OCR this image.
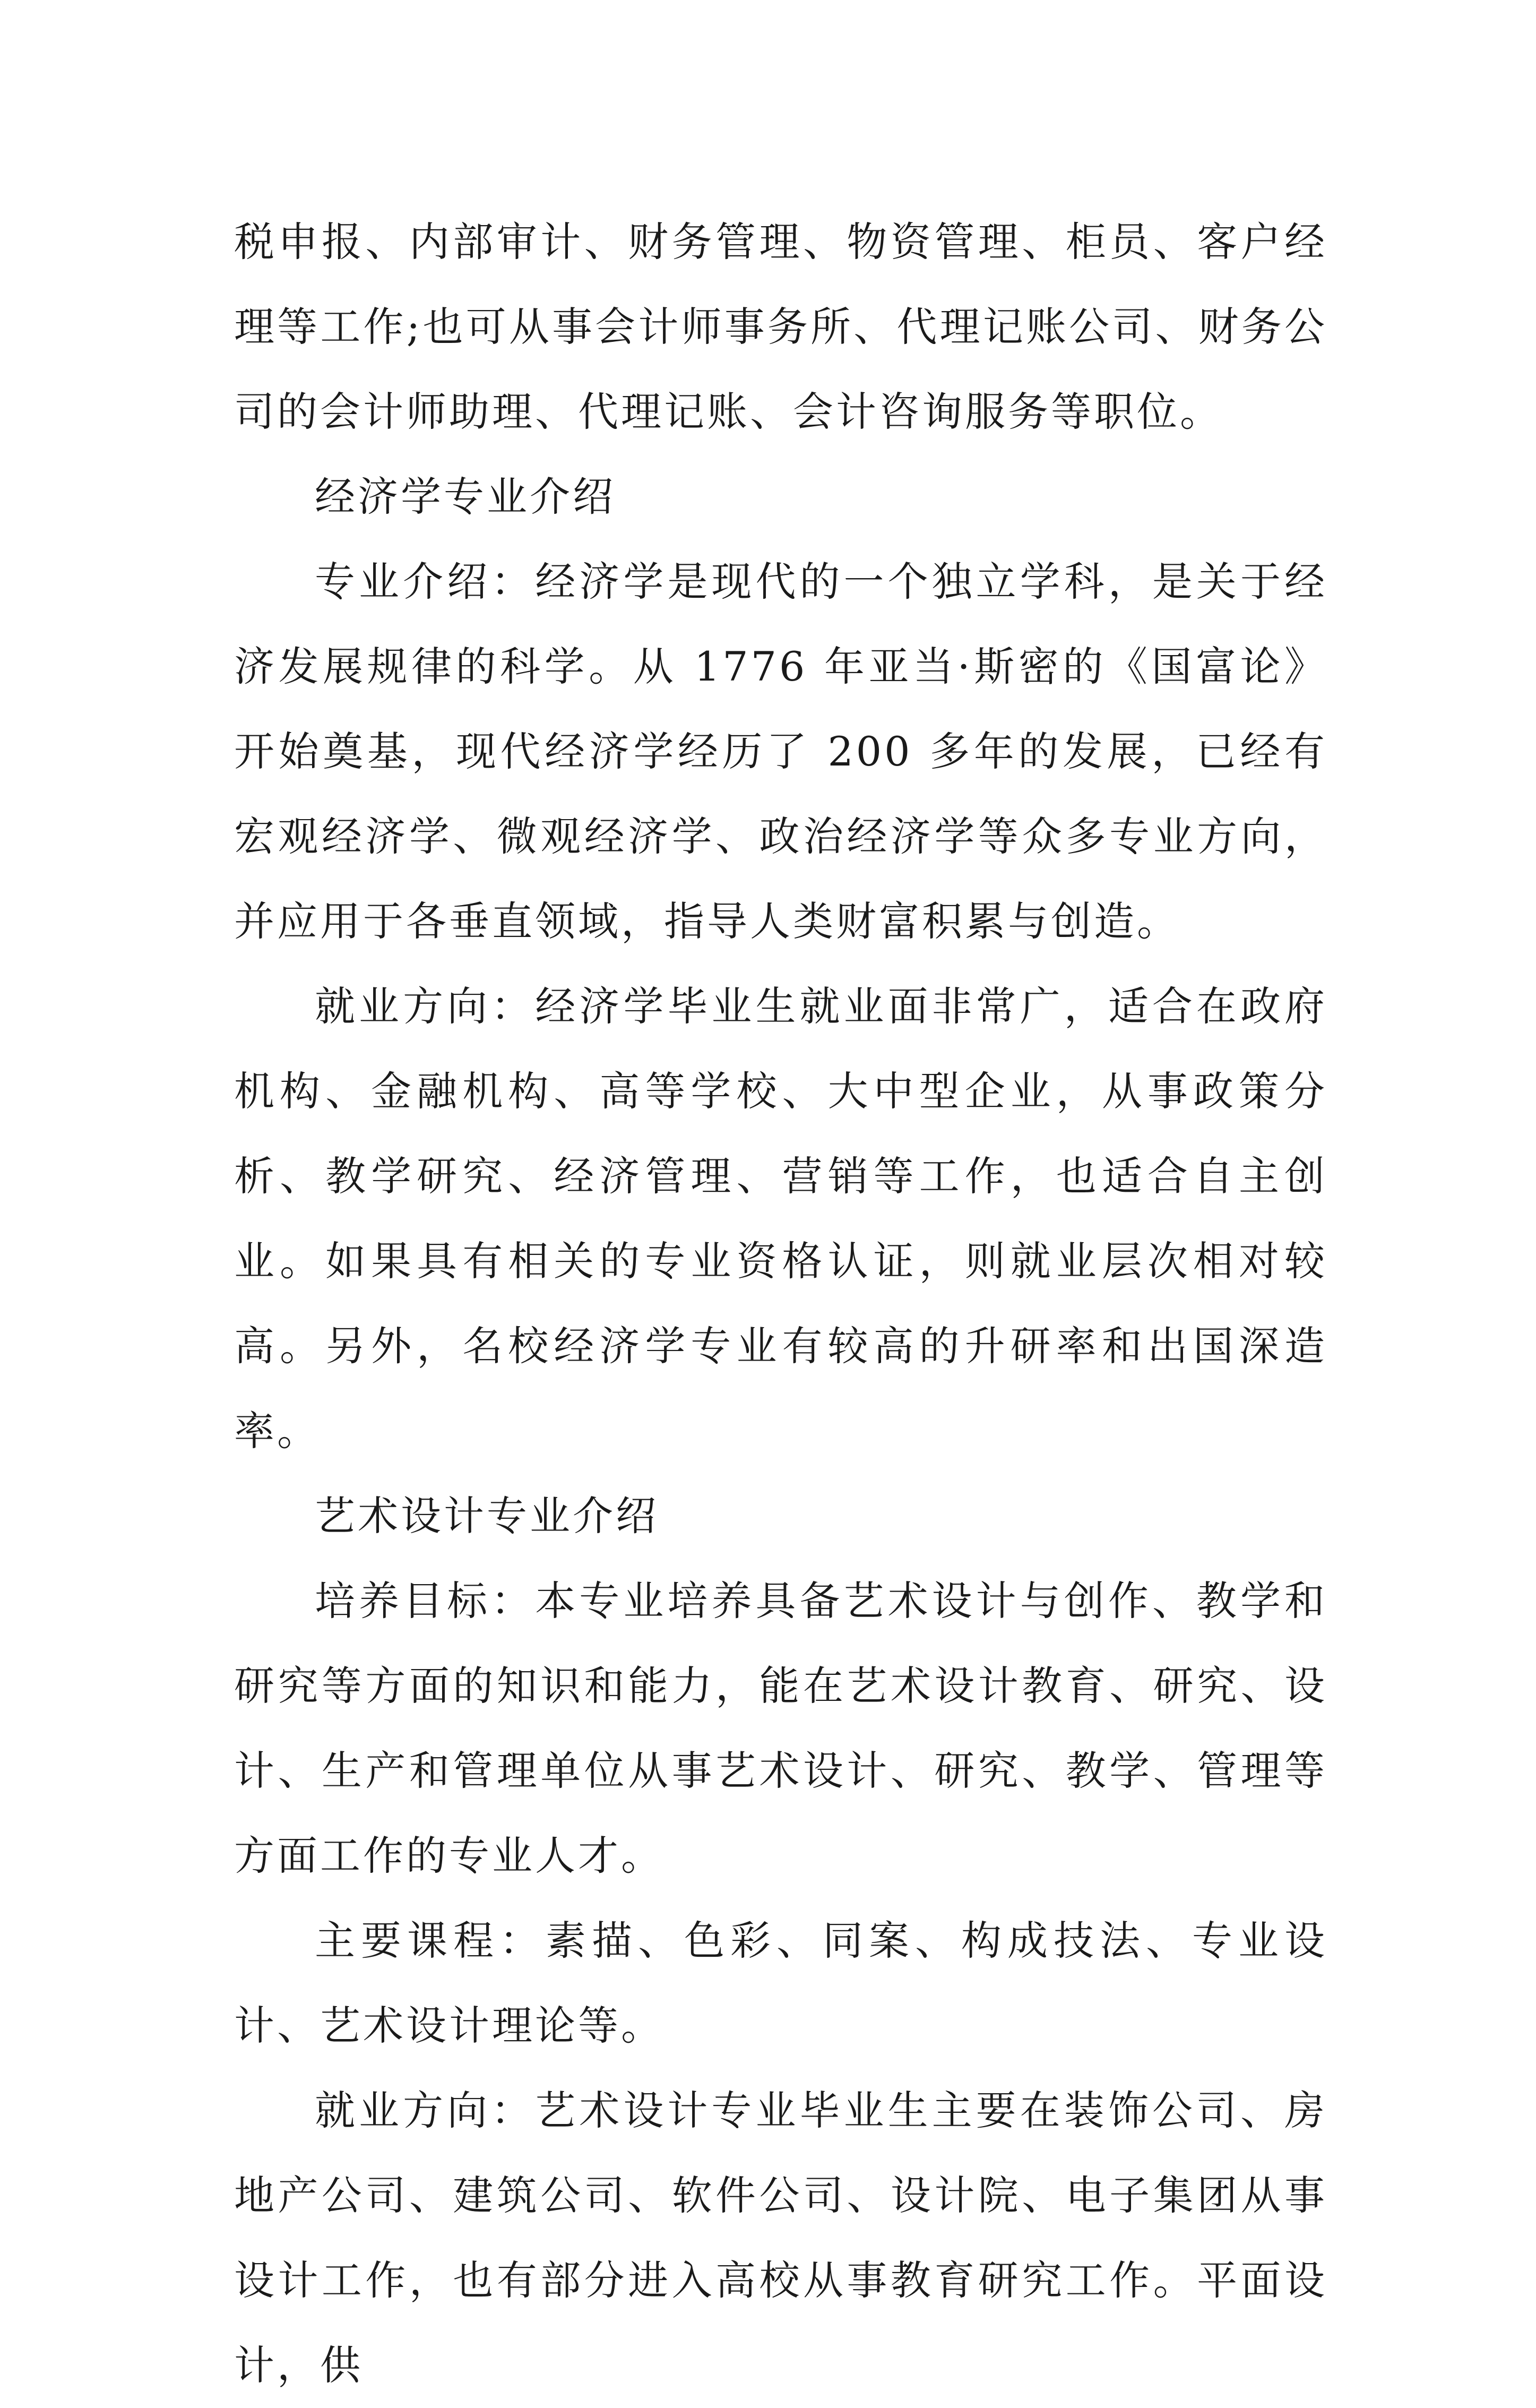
税申报、内部审计、财务管理、物资管理、柜员、客户经理等工作;也可从事会计师事务所、代理记账公司、财务公司的会计师助理、代理记账、会计咨询服务等职位。

经济学专业介绍

专业介绍：经济学是现代的一个独立学科，是关于经济发展规律的科学。从 1776 年亚当·斯密的《国富论》开始奠基，现代经济学经历了 200 多年的发展，已经有宏观经济学、微观经济学、政治经济学等众多专业方向，并应用于各垂直领域，指导人类财富积累与创造。

就业方向：经济学毕业生就业面非常广，适合在政府机构、金融机构、高等学校、大中型企业，从事政策分析、教学研究、经济管理、营销等工作，也适合自主创业。如果具有相关的专业资格认证，则就业层次相对较高。另外，名校经济学专业有较高的升研率和出国深造率。

艺术设计专业介绍

培养目标：本专业培养具备艺术设计与创作、教学和研究等方面的知识和能力，能在艺术设计教育、研究、设计、生产和管理单位从事艺术设计、研究、教学、管理等方面工作的专业人才。

主要课程：素描、色彩、同案、构成技法、专业设计、艺术设计理论等。

就业方向：艺术设计专业毕业生主要在装饰公司、房地产公司、建筑公司、软件公司、设计院、电子集团从事设计工作，也有部分进入高校从事教育研究工作。平面设计，供
